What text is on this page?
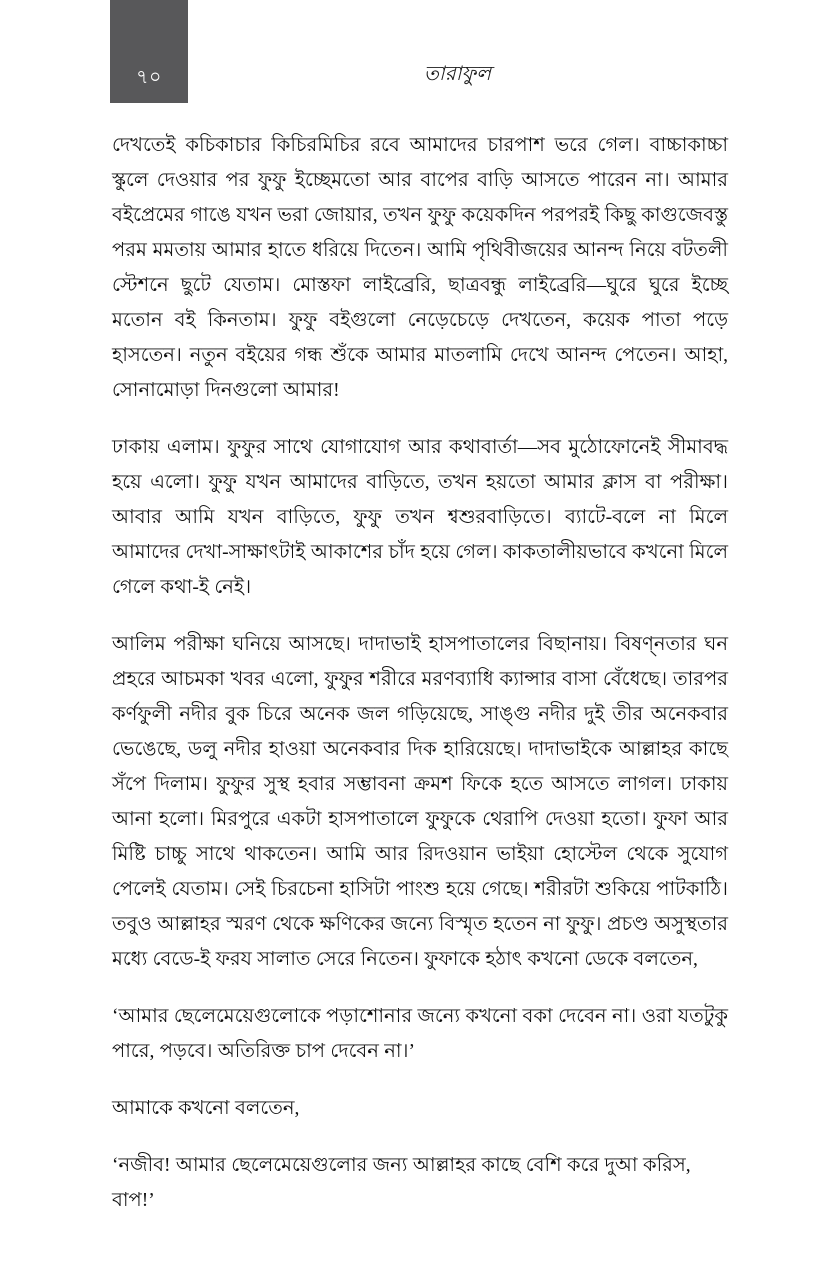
৭০	তারাফুল

দেখতেই কচিকাচার কিচিরমিচির রবে আমাদের চারপাশ ভরে গেল। বাচ্চাকাচ্চা স্কুলে দেওয়ার পর ফুফু ইচ্ছেমতো আর বাপের বাড়ি আসতে পারেন না। আমার বইপ্রেমের গাঙে যখন ভরা জোয়ার, তখন ফুফু কয়েকদিন পরপরই কিছু কাগুজেবস্তু পরম মমতায় আমার হাতে ধরিয়ে দিতেন। আমি পৃথিবীজয়ের আনন্দ নিয়ে বটতলী স্টেশনে ছুটে যেতাম। মোস্তফা লাইব্রেরি, ছাত্রবন্ধু লাইব্রেরি—ঘুরে ঘুরে ইচ্ছে মতোন বই কিনতাম। ফুফু বইগুলো নেড়েচেড়ে দেখতেন, কয়েক পাতা পড়ে হাসতেন। নতুন বইয়ের গন্ধ শুঁকে আমার মাতলামি দেখে আনন্দ পেতেন। আহা, সোনামোড়া দিনগুলো আমার!

ঢাকায় এলাম। ফুফুর সাথে যোগাযোগ আর কথাবার্তা—সব মুঠোফোনেই সীমাবদ্ধ হয়ে এলো। ফুফু যখন আমাদের বাড়িতে, তখন হয়তো আমার ক্লাস বা পরীক্ষা। আবার আমি যখন বাড়িতে, ফুফু তখন শ্বশুরবাড়িতে। ব্যাটে-বলে না মিলে আমাদের দেখা-সাক্ষাৎটাই আকাশের চাঁদ হয়ে গেল। কাকতালীয়ভাবে কখনো মিলে গেলে কথা-ই নেই।

আলিম পরীক্ষা ঘনিয়ে আসছে। দাদাভাই হাসপাতালের বিছানায়। বিষণ্নতার ঘন প্রহরে আচমকা খবর এলো, ফুফুর শরীরে মরণব্যাধি ক্যান্সার বাসা বেঁধেছে। তারপর কর্ণফুলী নদীর বুক চিরে অনেক জল গড়িয়েছে, সাঙ্গু নদীর দুই তীর অনেকবার ভেঙেছে, ডলু নদীর হাওয়া অনেকবার দিক হারিয়েছে। দাদাভাইকে আল্লাহর কাছে সঁপে দিলাম। ফুফুর সুস্থ হবার সম্ভাবনা ক্রমশ ফিকে হতে আসতে লাগল। ঢাকায় আনা হলো। মিরপুরে একটা হাসপাতালে ফুফুকে থেরাপি দেওয়া হতো। ফুফা আর মিষ্টি চাচ্চু সাথে থাকতেন। আমি আর রিদওয়ান ভাইয়া হোস্টেল থেকে সুযোগ পেলেই যেতাম। সেই চিরচেনা হাসিটা পাংশু হয়ে গেছে। শরীরটা শুকিয়ে পাটকাঠি। তবুও আল্লাহর স্মরণ থেকে ক্ষণিকের জন্যে বিস্মৃত হতেন না ফুফু। প্রচণ্ড অসুস্থতার মধ্যে বেডে-ই ফরয সালাত সেরে নিতেন। ফুফাকে হঠাৎ কখনো ডেকে বলতেন,

‘আমার ছেলেমেয়েগুলোকে পড়াশোনার জন্যে কখনো বকা দেবেন না। ওরা যতটুকু পারে, পড়বে। অতিরিক্ত চাপ দেবেন না।’

আমাকে কখনো বলতেন,

‘নজীব! আমার ছেলেমেয়েগুলোর জন্য আল্লাহর কাছে বেশি করে দুআ করিস, বাপ!’
